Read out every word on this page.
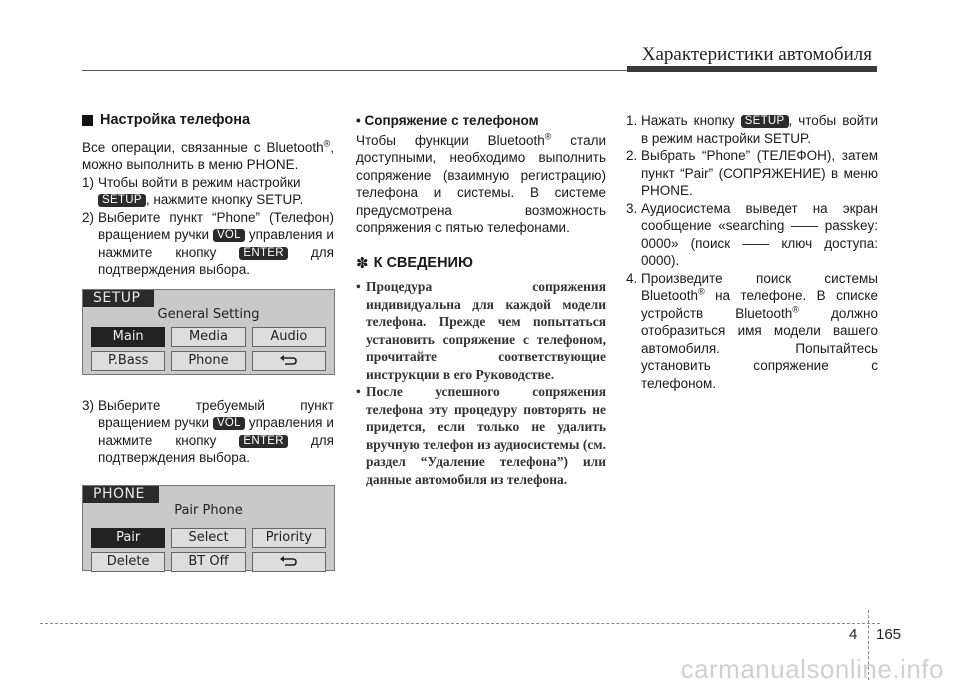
Характеристики автомобиля
Настройка телефона

Все операции, связанные с Bluetooth®, можно выполнить в меню PHONE.

1) Чтобы войти в режим настройки
SETUP , нажмите кнопку SETUP.
2) Выберите пункт “Phone” (Телефон) вращением ручки VOL управления и нажмите кнопку ENTER для подтверждения выбора.
SETUP
General Setting
Main	Media	Audio
P.Bass	Phone
3) Выберите требуемый пункт вращением ручки VOL управления и нажмите кнопку ENTER для подтверждения выбора.
PHONE
Pair Phone
Pair	Select	Priority
Delete	BT Off
• Сопряжение с телефоном

Чтобы функции Bluetooth® стали доступными, необходимо выполнить сопряжение (взаимную регистрацию) телефона и системы. В системе предусмотрена возможность сопряжения с пятью телефонами.

✽ К СВЕДЕНИЮ
• Процедура сопряжения индивидуальна для каждой модели телефона. Прежде чем попытаться установить сопряжение с телефоном, прочитайте соответствующие инструкции в его Руководстве.
• После успешного сопряжения телефона эту процедуру повторять не придется, если только не удалить вручную телефон из аудиосистемы (см. раздел “Удаление телефона”) или данные автомобиля из телефона.
1. Нажать кнопку SETUP , чтобы войти в режим настройки SETUP.
2. Выбрать “Phone” (ТЕЛЕФОН), затем пункт “Pair” (СОПРЯЖЕНИЕ) в меню PHONE.
3. Аудиосистема выведет на экран сообщение «searching —— passkey: 0000» (поиск —— ключ доступа: 0000).
4. Произведите поиск системы Bluetooth® на телефоне. В списке устройств Bluetooth® должно отобразиться имя модели вашего автомобиля. Попытайтесь установить сопряжение с телефоном.
4 165
carmanualsonline.info
